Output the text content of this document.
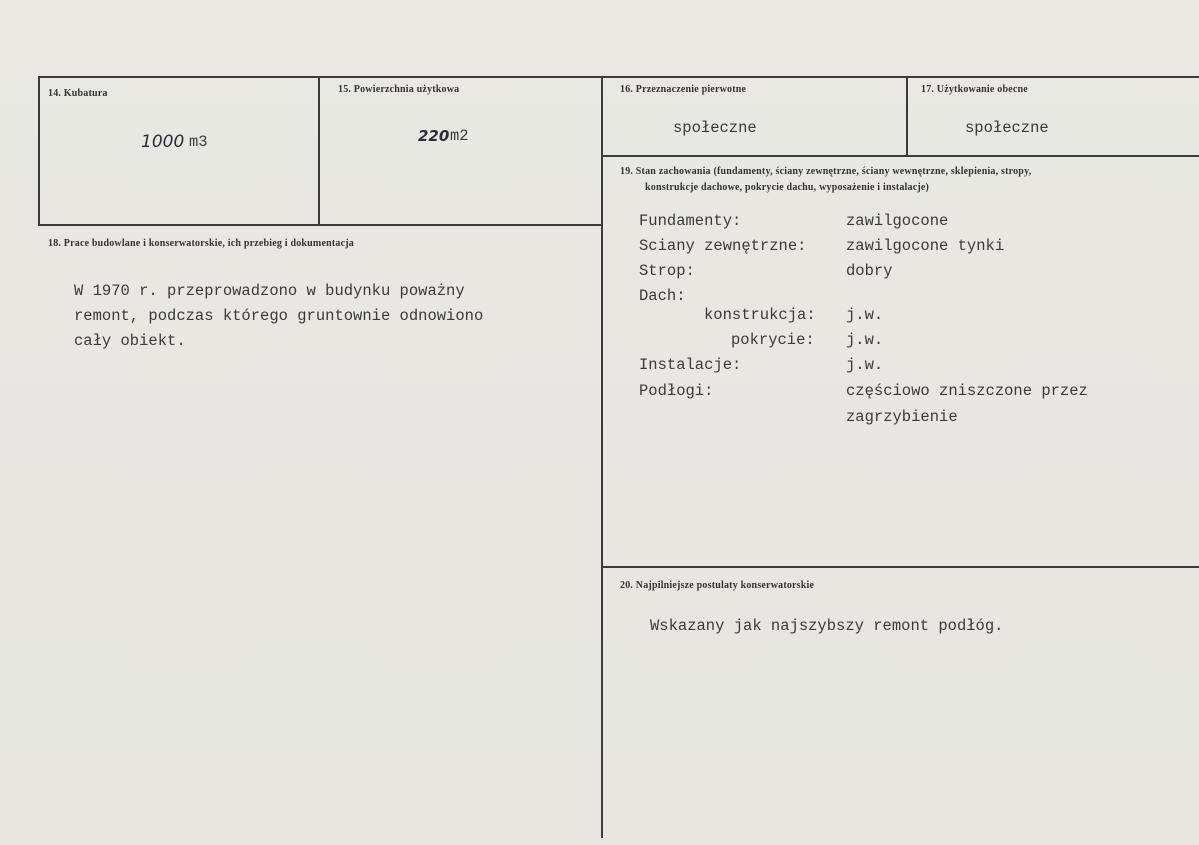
14. Kubatura
1000 m3
15. Powierzchnia użytkowa
220 m2
16. Przeznaczenie pierwotne
społeczne
17. Użytkowanie obecne
społeczne
18. Prace budowlane i konserwatorskie, ich przebieg i dokumentacja
W 1970 r. przeprowadzono w budynku poważny
remont, podczas którego gruntownie odnowiono
cały obiekt.
19. Stan zachowania (fundamenty, ściany zewnętrzne, ściany wewnętrzne, sklepienia, stropy,
konstrukcje dachowe, pokrycie dachu, wyposażenie i instalacje)
Fundamenty:	zawilgocone
Sciany zewnętrzne:	zawilgocone tynki
Strop:	dobry
Dach:
konstrukcja: j.w.
pokrycie: j.w.
Instalacje:	j.w.
Podłogi:	częściowo zniszczone przez
zagrzybienie
20. Najpilniejsze postulaty konserwatorskie
Wskazany jak najszybszy remont podłóg.
